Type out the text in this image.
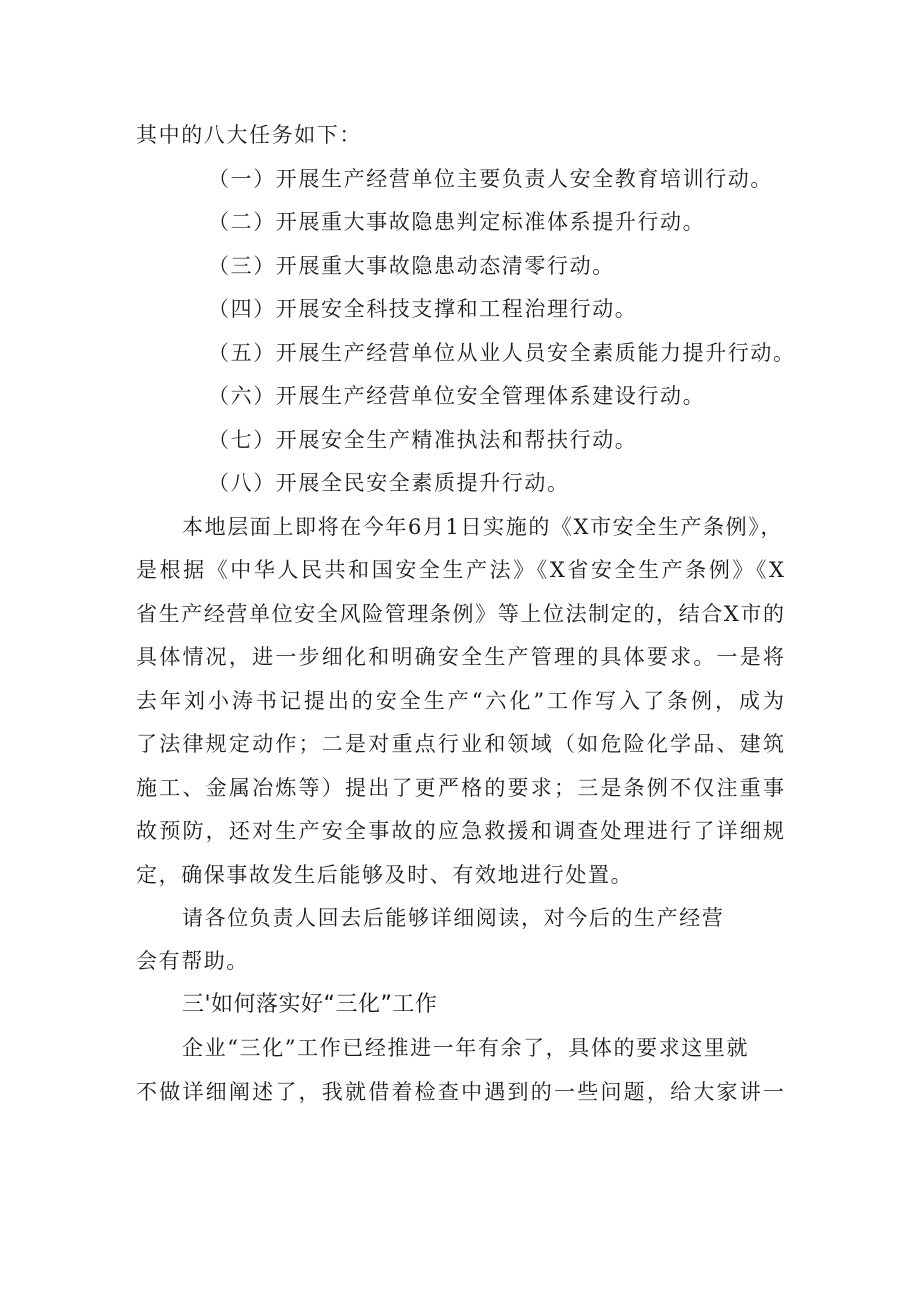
其中的八大任务如下：
（一）开展生产经营单位主要负责人安全教育培训行动。
（二）开展重大事故隐患判定标准体系提升行动。
（三）开展重大事故隐患动态清零行动。
（四）开展安全科技支撑和工程治理行动。
（五）开展生产经营单位从业人员安全素质能力提升行动。
（六）开展生产经营单位安全管理体系建设行动。
（七）开展安全生产精准执法和帮扶行动。
（八）开展全民安全素质提升行动。
本地层面上即将在今年6月1日实施的《X市安全生产条例》，
是根据《中华人民共和国安全生产法》《X省安全生产条例》《X
省生产经营单位安全风险管理条例》等上位法制定的，结合X市的
具体情况，进一步细化和明确安全生产管理的具体要求。一是将
去年刘小涛书记提出的安全生产“六化”工作写入了条例，成为
了法律规定动作；二是对重点行业和领域（如危险化学品、建筑
施工、金属冶炼等）提出了更严格的要求；三是条例不仅注重事
故预防，还对生产安全事故的应急救援和调查处理进行了详细规
定，确保事故发生后能够及时、有效地进行处置。
请各位负责人回去后能够详细阅读，对今后的生产经营
会有帮助。
三'如何落实好“三化”工作
企业“三化”工作已经推进一年有余了，具体的要求这里就
不做详细阐述了，我就借着检查中遇到的一些问题，给大家讲一
